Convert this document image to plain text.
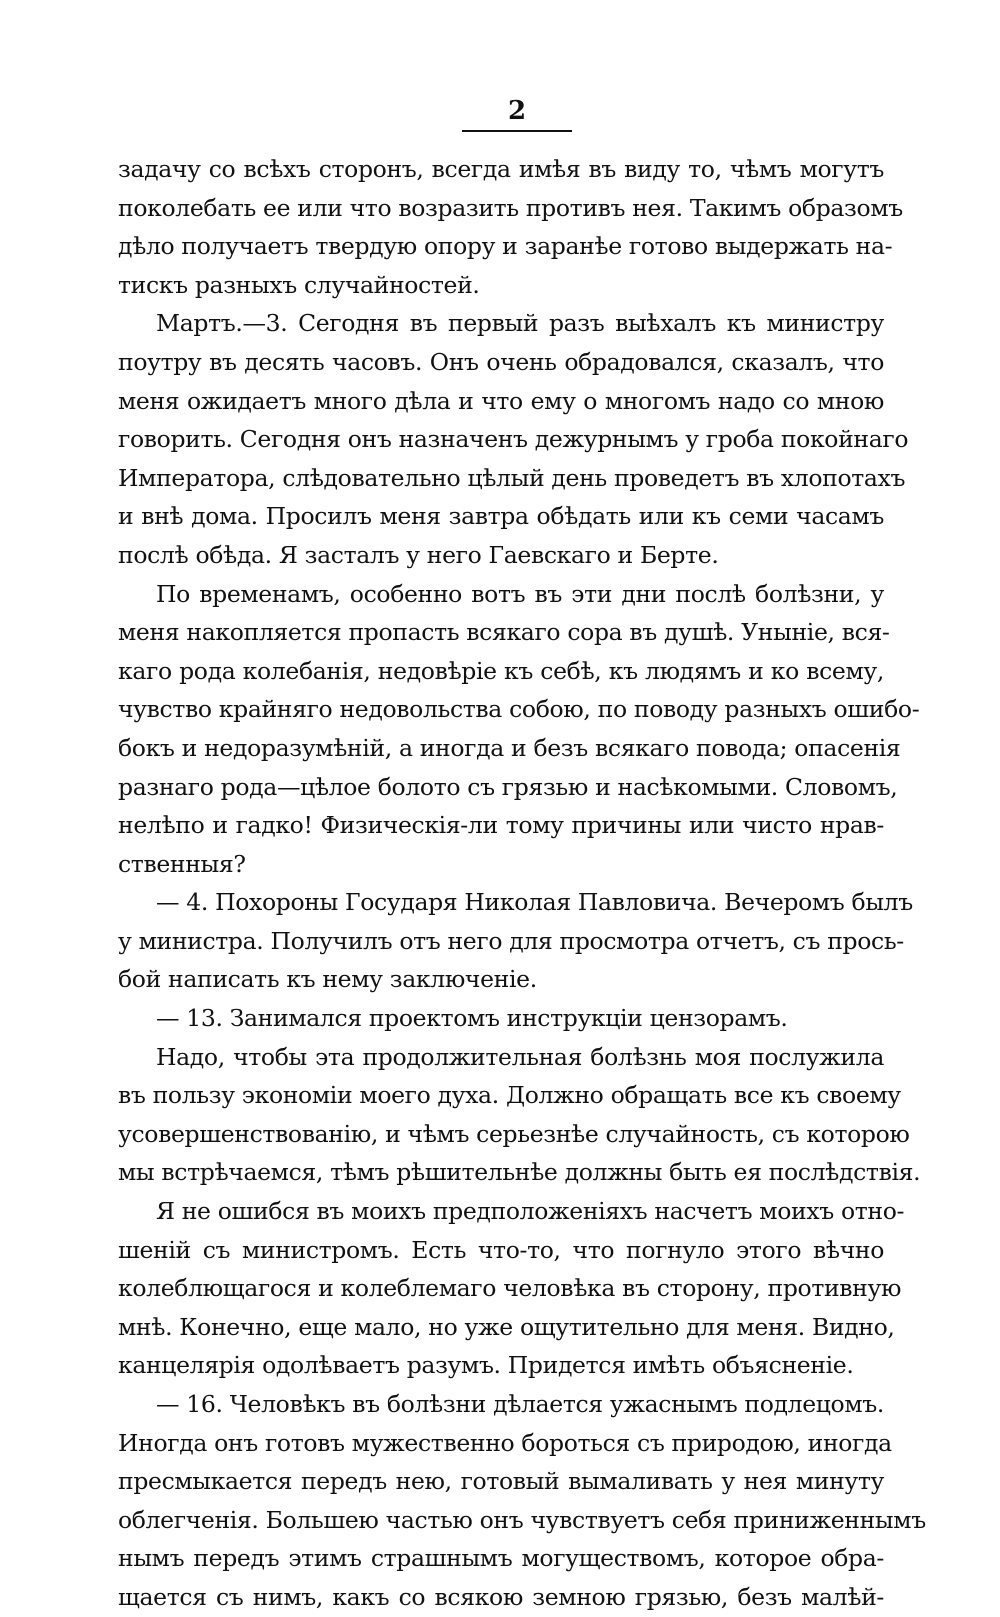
2
задачу со всѣхъ сторонъ, всегда имѣя въ виду то, чѣмъ могутъ
поколебать ее или что возразить противъ нея. Такимъ образомъ
дѣло получаетъ твердую опору и заранѣе готово выдержать на-
тискъ разныхъ случайностей.
Мартъ.—3. Сегодня въ первый разъ выѣхалъ къ министру
поутру въ десять часовъ. Онъ очень обрадовался, сказалъ, что
меня ожидаетъ много дѣла и что ему о многомъ надо со мною
говорить. Сегодня онъ назначенъ дежурнымъ у гроба покойнаго
Императора, слѣдовательно цѣлый день проведетъ въ хлопотахъ
и внѣ дома. Просилъ меня завтра обѣдать или къ семи часамъ
послѣ обѣда. Я засталъ у него Гаевскаго и Берте.
По временамъ, особенно вотъ въ эти дни послѣ болѣзни, у
меня накопляется пропасть всякаго сора въ душѣ. Уныніе, вся-
каго рода колебанія, недовѣріе къ себѣ, къ людямъ и ко всему,
чувство крайняго недовольства собою, по поводу разныхъ ошибо-
бокъ и недоразумѣній, а иногда и безъ всякаго повода; опасенія
разнаго рода—цѣлое болото съ грязью и насѣкомыми. Словомъ,
нелѣпо и гадко! Физическія-ли тому причины или чисто нрав-
ственныя?
— 4. Похороны Государя Николая Павловича. Вечеромъ былъ
у министра. Получилъ отъ него для просмотра отчетъ, съ прось-
бой написать къ нему заключеніе.
— 13. Занимался проектомъ инструкціи цензорамъ.
Надо, чтобы эта продолжительная болѣзнь моя послужила
въ пользу экономіи моего духа. Должно обращать все къ своему
усовершенствованію, и чѣмъ серьезнѣе случайность, съ которою
мы встрѣчаемся, тѣмъ рѣшительнѣе должны быть ея послѣдствія.
Я не ошибся въ моихъ предположеніяхъ насчетъ моихъ отно-
шеній съ министромъ. Есть что-то, что погнуло этого вѣчно
колеблющагося и колеблемаго человѣка въ сторону, противную
мнѣ. Конечно, еще мало, но уже ощутительно для меня. Видно,
канцелярія одолѣваетъ разумъ. Придется имѣть объясненіе.
— 16. Человѣкъ въ болѣзни дѣлается ужаснымъ подлецомъ.
Иногда онъ готовъ мужественно бороться съ природою, иногда
пресмыкается передъ нею, готовый вымаливать у нея минуту
облегченія. Большею частью онъ чувствуетъ себя приниженнымъ
нымъ передъ этимъ страшнымъ могуществомъ, которое обра-
щается съ нимъ, какъ со всякою земною грязью, безъ малѣй-
